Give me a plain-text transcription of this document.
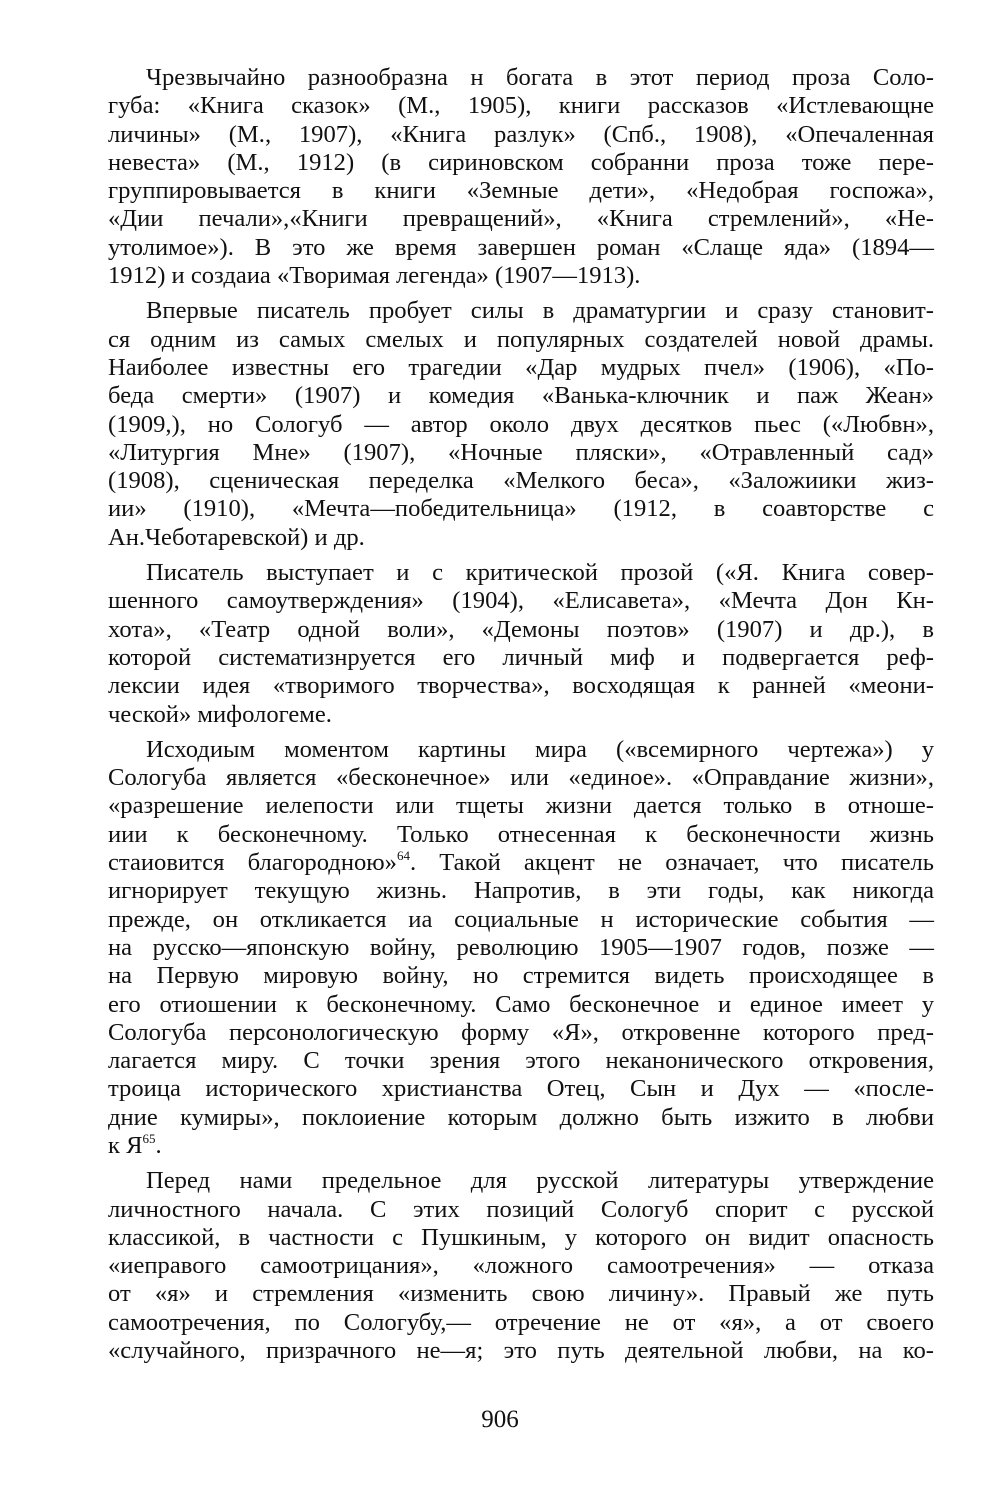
Чрезвычайно разнообразна н богата в этот период проза Соло-
губа: «Книга сказок» (М., 1905), книги рассказов «Истлевающне
личины» (М., 1907), «Книга разлук» (Спб., 1908), «Опечаленная
невеста» (М., 1912) (в сириновском собранни проза тоже пере-
группировывается в книги «Земные дети», «Недобрая госпожа»,
«Дии печали»,«Книги превращений», «Книга стремлений», «Не-
утолимое»). В это же время завершен роман «Слаще яда» (1894—
1912) и создаиа «Творимая легенда» (1907—1913).
Впервые писатель пробует силы в драматургии и сразу становит-
ся одним из самых смелых и популярных создателей новой драмы.
Наиболее известны его трагедии «Дар мудрых пчел» (1906), «По-
беда смерти» (1907) и комедия «Ванька-ключник и паж Жеан»
(1909,), но Сологуб — автор около двух десятков пьес («Любвн»,
«Литургия Мне» (1907), «Ночные пляски», «Отравленный сад»
(1908), сценическая переделка «Мелкого беса», «Заложиики жиз-
ии» (1910), «Мечта—победительница» (1912, в соавторстве с
Ан.Чеботаревской) и др.
Писатель выступает и с критической прозой («Я. Книга совер-
шенного самоутверждения» (1904), «Елисавета», «Мечта Дон Кн-
хота», «Театр одной воли», «Демоны поэтов» (1907) и др.), в
которой систематизнруется его личный миф и подвергается реф-
лексии идея «творимого творчества», восходящая к ранней «меони-
ческой» мифологеме.
Исходиым моментом картины мира («всемирного чертежа») у
Сологуба является «бесконечное» или «единое». «Оправдание жизни»,
«разрешение иелепости или тщеты жизни дается только в отноше-
иии к бесконечному. Только отнесенная к бесконечности жизнь
стаиовится благородною»$^{64}$. Такой акцент не означает, что писатель
игнорирует текущую жизнь. Напротив, в эти годы, как никогда
прежде, он откликается иа социальные н исторические события —
на русско—японскую войну, революцию 1905—1907 годов, позже —
на Первую мировую войну, но стремится видеть происходящее в
его отиошении к бесконечному. Само бесконечное и единое имеет у
Сологуба персонологическую форму «Я», откровенне которого пред-
лагается миру. С точки зрения этого неканонического откровения,
троица исторического христианства Отец, Сын и Дух — «после-
дние кумиры», поклоиение которым должно быть изжито в любви
к $Я^{65}$.
Перед нами предельное для русской литературы утверждение
личностного начала. С этих позиций Сологуб спорит с русской
классикой, в частности с Пушкиным, у которого он видит опасность
«иеправого самоотрицания», «ложного самоотречения» — отказа
от «я» и стремления «изменить свою личину». Правый же путь
самоотречения, по Сологубу,— отречение не от «я», а от своего
«случайного, призрачного не—я; это путь деятельной любви, на ко-
906
